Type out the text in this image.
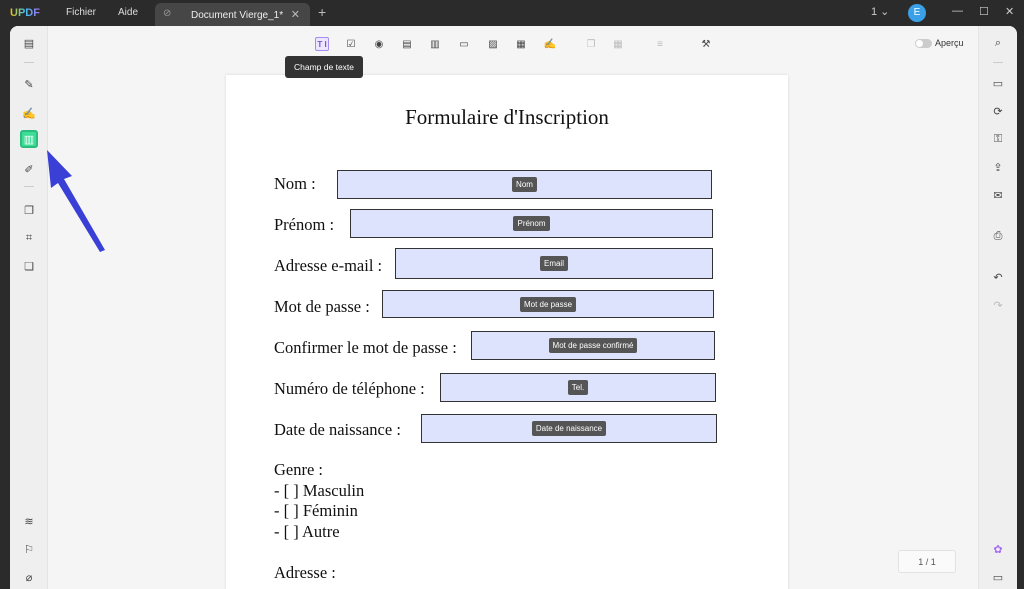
UPDF	Fichier Aide ⊘ Document Vierge_1* ✕ +	1 ⌄	E	— ☐ ✕
▤
✎
✍
▥
✐
❐
⌗
❏
≋
⚐
⌀
T I ☑ ◉ ▤ ▥ ▭ ▨ ▦ ✍	❐ ▦	≡	⚒	Aperçu
Formulaire d'Inscription
Nom :	Nom
Prénom :	Prénom
Adresse e-mail :	Email
Mot de passe :	Mot de passe
Confirmer le mot de passe :	Mot de passe confirmé
Numéro de téléphone :	Tel.
Date de naissance :	Date de naissance
Genre :
- [ ] Masculin
- [ ] Féminin
- [ ] Autre
Adresse :
Champ de texte
1 / 1
⌕
▭
⟳
⚿
⇪
✉
⎙
↶
↷
✿
▭
